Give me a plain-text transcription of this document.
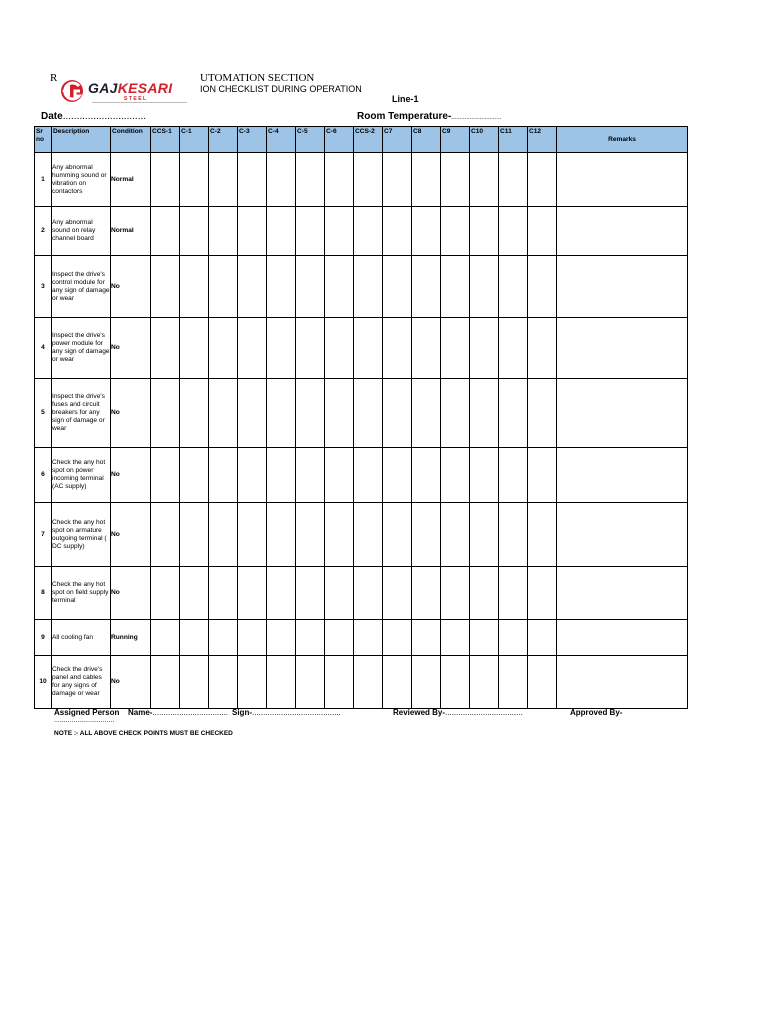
R	UTOMATION SECTION
ION CHECKLIST DURING OPERATION
GAJKESARI
STEEL	Line-1
Date..............................	Room Temperature-..............................
Sr no	Description	Condition	CCS-1	C-1	C-2	C-3	C-4	C-5	C-6	CCS-2	C7	C8	C9	C10	C11	C12	Remarks
1	Any abnormal humming sound or vibration on contactors	Normal															
2	Any abnormal sound on relay channel board	Normal															
3	Inspect the drive's control module for any sign of damage or wear	No															
4	Inspect the drive's power module for any sign of damage or wear	No															
5	Inspect the drive's fuses and circuit breakers for any sign of damage or wear	No															
6	Check the any hot spot on power incoming terminal (AC supply)	No															
7	Check the any hot spot on armature outgoing terminal ( DC supply)	No															
8	Check the any hot spot on field supply terminal	No															
9	All cooling fan	Running															
10	Check the drive's panel and cables for any signs of damage or wear	No															
Assigned Person Name-.................................. Sign-........................................	Reviewed By-...................................	Approved By-
...............................
NOTE :- ALL ABOVE CHECK POINTS MUST BE CHECKED
